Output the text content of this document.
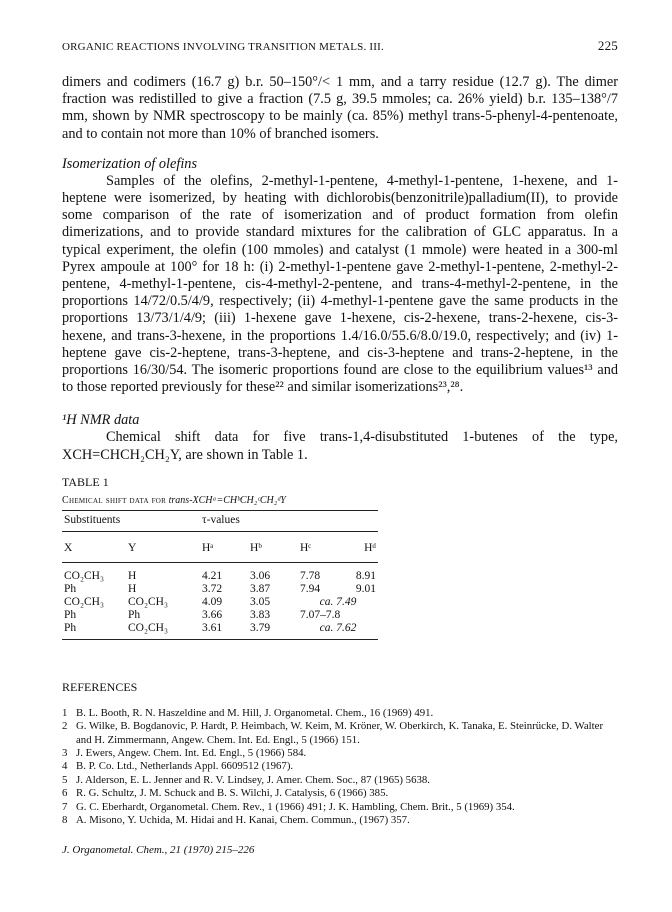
ORGANIC REACTIONS INVOLVING TRANSITION METALS. III.	225

dimers and codimers (16.7 g) b.r. 50–150°/< 1 mm, and a tarry residue (12.7 g). The dimer fraction was redistilled to give a fraction (7.5 g, 39.5 mmoles; ca. 26% yield) b.r. 135–138°/7 mm, shown by NMR spectroscopy to be mainly (ca. 85%) methyl trans-5-phenyl-4-pentenoate, and to contain not more than 10% of branched isomers.

Isomerization of olefins

Samples of the olefins, 2-methyl-1-pentene, 4-methyl-1-pentene, 1-hexene, and 1-heptene were isomerized, by heating with dichlorobis(benzonitrile)palladium(II), to provide some comparison of the rate of isomerization and of product formation from olefin dimerizations, and to provide standard mixtures for the calibration of GLC apparatus. In a typical experiment, the olefin (100 mmoles) and catalyst (1 mmole) were heated in a 300-ml Pyrex ampoule at 100° for 18 h: (i) 2-methyl-1-pentene gave 2-methyl-1-pentene, 2-methyl-2-pentene, 4-methyl-1-pentene, cis-4-methyl-2-pentene, and trans-4-methyl-2-pentene, in the proportions 14/72/0.5/4/9, respectively; (ii) 4-methyl-1-pentene gave the same products in the proportions 13/73/1/4/9; (iii) 1-hexene gave 1-hexene, cis-2-hexene, trans-2-hexene, cis-3-hexene, and trans-3-hexene, in the proportions 1.4/16.0/55.6/8.0/19.0, respectively; and (iv) 1-heptene gave cis-2-heptene, trans-3-heptene, and cis-3-heptene and trans-2-heptene, in the proportions 16/30/54. The isomeric proportions found are close to the equilibrium values¹³ and to those reported previously for these²² and similar isomerizations²³,²⁸.

¹H NMR data

Chemical shift data for five trans-1,4-disubstituted 1-butenes of the type, XCH=CHCH₂CH₂Y, are shown in Table 1.

TABLE 1
Chemical shift data for trans-XCHᵃ=CHᵇCH₂ᶜCH₂ᵈY
Substituents		τ-values			
X	Y	Hᵃ	Hᵇ	Hᶜ	Hᵈ
CO₂CH₃	H	4.21	3.06	7.78	8.91
Ph	H	3.72	3.87	7.94	9.01
CO₂CH₃	CO₂CH₃	4.09	3.05	ca. 7.49	
Ph	Ph	3.66	3.83	7.07–7.8	
Ph	CO₂CH₃	3.61	3.79	ca. 7.62	
REFERENCES
1 B. L. Booth, R. N. Haszeldine and M. Hill, J. Organometal. Chem., 16 (1969) 491.
2 G. Wilke, B. Bogdanovic, P. Hardt, P. Heimbach, W. Keim, M. Kröner, W. Oberkirch, K. Tanaka, E. Steinrücke, D. Walter and H. Zimmermann, Angew. Chem. Int. Ed. Engl., 5 (1966) 151.
3 J. Ewers, Angew. Chem. Int. Ed. Engl., 5 (1966) 584.
4 B. P. Co. Ltd., Netherlands Appl. 6609512 (1967).
5 J. Alderson, E. L. Jenner and R. V. Lindsey, J. Amer. Chem. Soc., 87 (1965) 5638.
6 R. G. Schultz, J. M. Schuck and B. S. Wilchi, J. Catalysis, 6 (1966) 385.
7 G. C. Eberhardt, Organometal. Chem. Rev., 1 (1966) 491; J. K. Hambling, Chem. Brit., 5 (1969) 354.
8 A. Misono, Y. Uchida, M. Hidai and H. Kanai, Chem. Commun., (1967) 357.
J. Organometal. Chem., 21 (1970) 215–226
